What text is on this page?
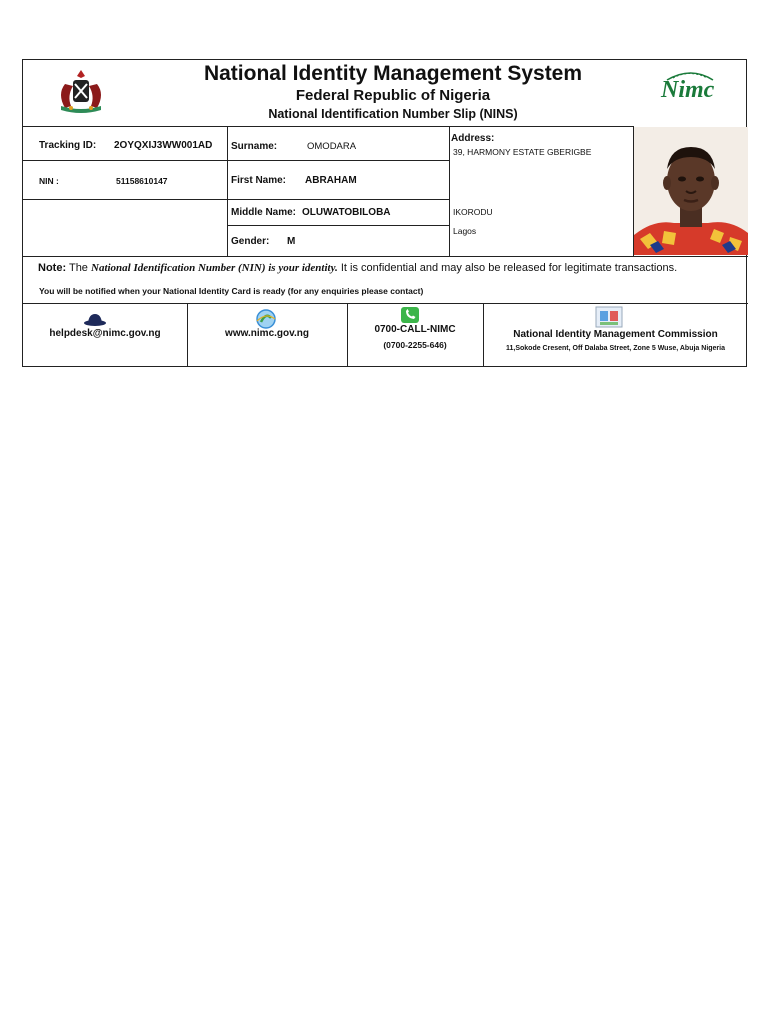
National Identity Management System
Federal Republic of Nigeria
National Identification Number Slip (NINS)
Nimc
Tracking ID: 2OYQXIJ3WW001AD
NIN :	51158610147
Surname:	OMODARA
First Name: ABRAHAM
Middle Name: OLUWATOBILOBA
Gender: M
Address:
39, HARMONY ESTATE GBERIGBE
IKORODU
Lagos
Note: The National Identification Number (NIN) is your identity. It is confidential and may also be released for legitimate transactions.
You will be notified when your National Identity Card is ready (for any enquiries please contact)
helpdesk@nimc.gov.ng	www.nimc.gov.ng	0700-CALL-NIMC
(0700-2255-646)
National Identity Management Commission
11,Sokode Cresent, Off Dalaba Street, Zone 5 Wuse, Abuja Nigeria
